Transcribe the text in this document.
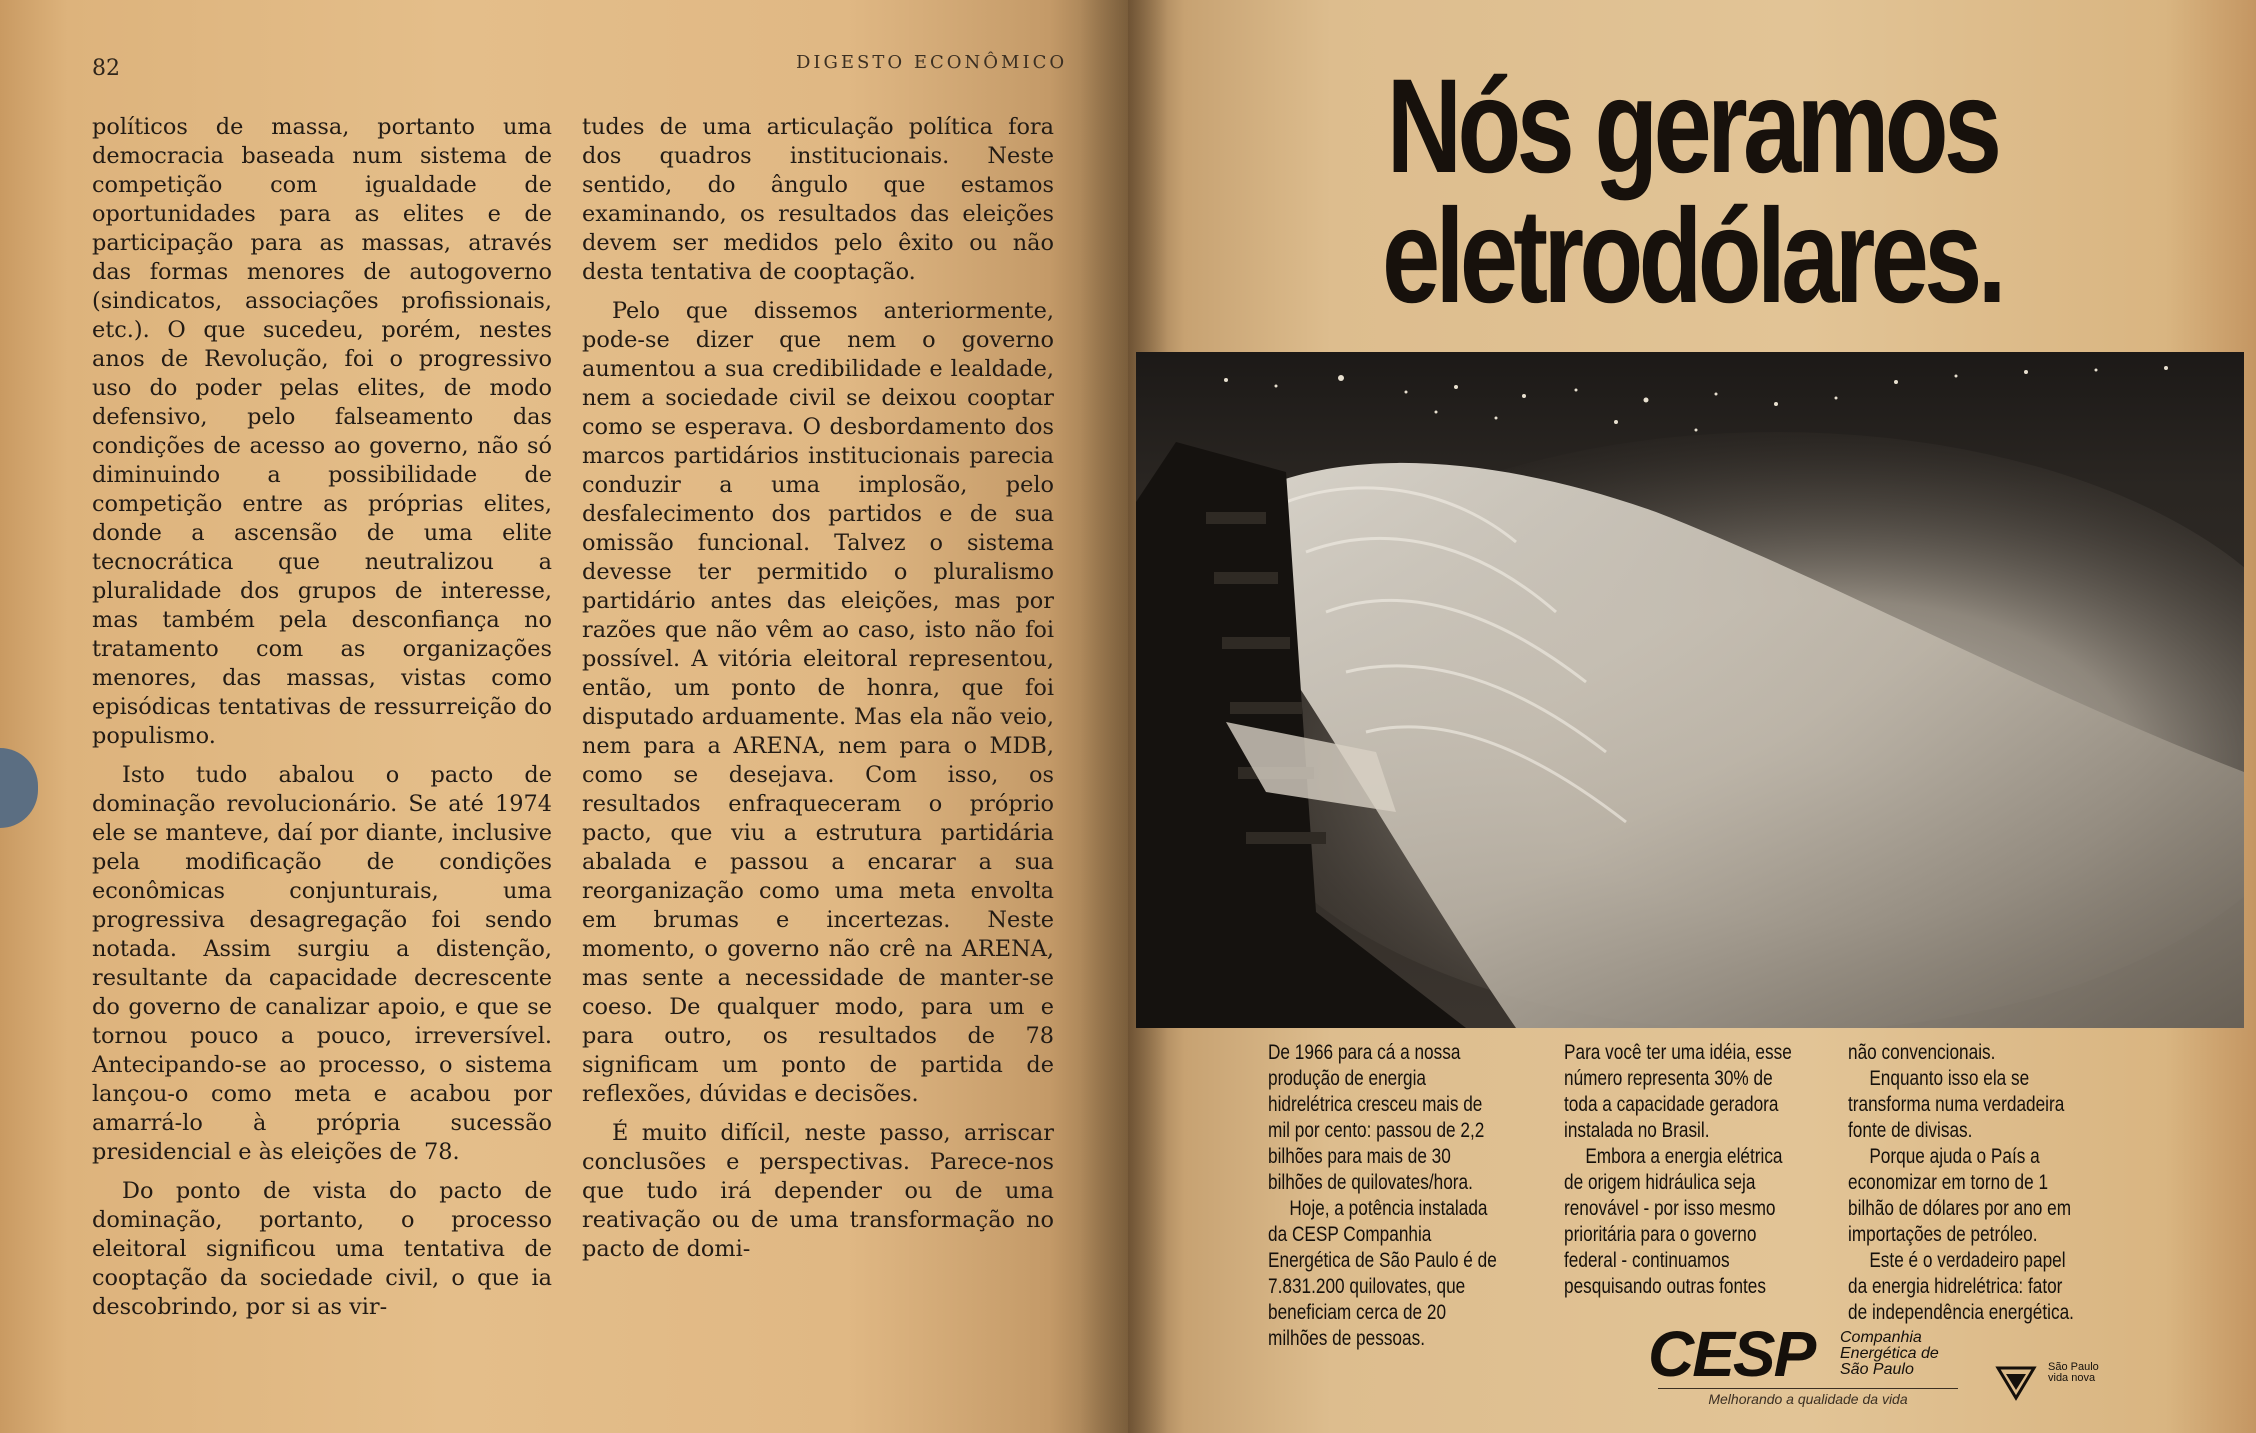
82	DIGESTO ECONÔMICO

políticos de massa, portanto uma democracia baseada num sistema de competição com igualdade de oportunidades para as elites e de participação para as massas, através das formas menores de autogoverno (sindicatos, associações profissionais, etc.). O que sucedeu, porém, nestes anos de Revolução, foi o progressivo uso do poder pelas elites, de modo defensivo, pelo falseamento das condições de acesso ao governo, não só diminuindo a possibilidade de competição entre as próprias elites, donde a ascensão de uma elite tecnocrática que neutralizou a pluralidade dos grupos de interesse, mas também pela desconfiança no tratamento com as organizações menores, das massas, vistas como episódicas tentativas de ressurreição do populismo.

Isto tudo abalou o pacto de dominação revolucionário. Se até 1974 ele se manteve, daí por diante, inclusive pela modificação de condições econômicas conjunturais, uma progressiva desagregação foi sendo notada. Assim surgiu a distenção, resultante da capacidade decrescente do governo de canalizar apoio, e que se tornou pouco a pouco, irreversível. Antecipando-se ao processo, o sistema lançou-o como meta e acabou por amarrá-lo à própria sucessão presidencial e às eleições de 78.

Do ponto de vista do pacto de dominação, portanto, o processo eleitoral significou uma tentativa de cooptação da sociedade civil, o que ia descobrindo, por si as vir-

tudes de uma articulação política fora dos quadros institucionais. Neste sentido, do ângulo que estamos examinando, os resultados das eleições devem ser medidos pelo êxito ou não desta tentativa de cooptação.

Pelo que dissemos anteriormente, pode-se dizer que nem o governo aumentou a sua credibilidade e lealdade, nem a sociedade civil se deixou cooptar como se esperava. O desbordamento dos marcos partidários institucionais parecia conduzir a uma implosão, pelo desfalecimento dos partidos e de sua omissão funcional. Talvez o sistema devesse ter permitido o pluralismo partidário antes das eleições, mas por razões que não vêm ao caso, isto não foi possível. A vitória eleitoral representou, então, um ponto de honra, que foi disputado arduamente. Mas ela não veio, nem para a ARENA, nem para o MDB, como se desejava. Com isso, os resultados enfraqueceram o próprio pacto, que viu a estrutura partidária abalada e passou a encarar a sua reorganização como uma meta envolta em brumas e incertezas. Neste momento, o governo não crê na ARENA, mas sente a necessidade de manter-se coeso. De qualquer modo, para um e para outro, os resultados de 78 significam um ponto de partida de reflexões, dúvidas e decisões.

É muito difícil, neste passo, arriscar conclusões e perspectivas. Parece-nos que tudo irá depender ou de uma reativação ou de uma transformação no pacto de domi-

Nós geramos
eletrodólares.

De 1966 para cá a nossa produção de energia hidrelétrica cresceu mais de mil por cento: passou de 2,2 bilhões para mais de 30 bilhões de quilovates/hora.

Hoje, a potência instalada da CESP Companhia Energética de São Paulo é de 7.831.200 quilovates, que beneficiam cerca de 20 milhões de pessoas.

Para você ter uma idéia, esse número representa 30% de toda a capacidade geradora instalada no Brasil.

Embora a energia elétrica de origem hidráulica seja renovável - por isso mesmo prioritária para o governo federal - continuamos pesquisando outras fontes

não convencionais.

Enquanto isso ela se transforma numa verdadeira fonte de divisas.

Porque ajuda o País a economizar em torno de 1 bilhão de dólares por ano em importações de petróleo.

Este é o verdadeiro papel da energia hidrelétrica: fator de independência energética.

CESP	Companhia Energética de São Paulo
Melhorando a qualidade da vida
São Paulo vida nova
